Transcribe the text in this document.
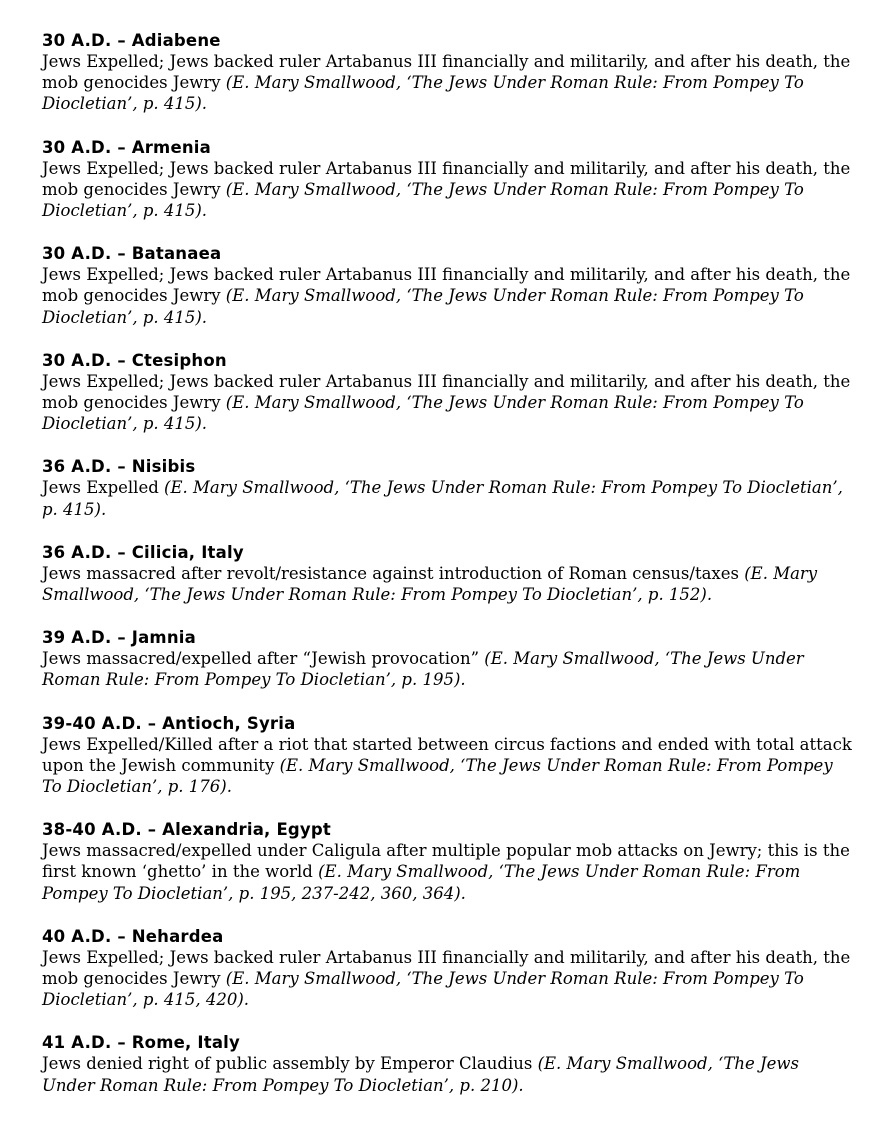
30 A.D. – Adiabene
Jews Expelled; Jews backed ruler Artabanus III financially and militarily, and after his death, the mob genocides Jewry (E. Mary Smallwood, ‘The Jews Under Roman Rule: From Pompey To Diocletian’, p. 415).
30 A.D. – Armenia
Jews Expelled; Jews backed ruler Artabanus III financially and militarily, and after his death, the mob genocides Jewry (E. Mary Smallwood, ‘The Jews Under Roman Rule: From Pompey To Diocletian’, p. 415).
30 A.D. – Batanaea
Jews Expelled; Jews backed ruler Artabanus III financially and militarily, and after his death, the mob genocides Jewry (E. Mary Smallwood, ‘The Jews Under Roman Rule: From Pompey To Diocletian’, p. 415).
30 A.D. – Ctesiphon
Jews Expelled; Jews backed ruler Artabanus III financially and militarily, and after his death, the mob genocides Jewry (E. Mary Smallwood, ‘The Jews Under Roman Rule: From Pompey To Diocletian’, p. 415).
36 A.D. – Nisibis
Jews Expelled (E. Mary Smallwood, ‘The Jews Under Roman Rule: From Pompey To Diocletian’, p. 415).
36 A.D. – Cilicia, Italy
Jews massacred after revolt/resistance against introduction of Roman census/taxes (E. Mary Smallwood, ‘The Jews Under Roman Rule: From Pompey To Diocletian’, p. 152).
39 A.D. – Jamnia
Jews massacred/expelled after “Jewish provocation” (E. Mary Smallwood, ‘The Jews Under Roman Rule: From Pompey To Diocletian’, p. 195).
39-40 A.D. – Antioch, Syria
Jews Expelled/Killed after a riot that started between circus factions and ended with total attack upon the Jewish community (E. Mary Smallwood, ‘The Jews Under Roman Rule: From Pompey To Diocletian’, p. 176).
38-40 A.D. – Alexandria, Egypt
Jews massacred/expelled under Caligula after multiple popular mob attacks on Jewry; this is the first known ‘ghetto’ in the world (E. Mary Smallwood, ‘The Jews Under Roman Rule: From Pompey To Diocletian’, p. 195, 237-242, 360, 364).
40 A.D. – Nehardea
Jews Expelled; Jews backed ruler Artabanus III financially and militarily, and after his death, the mob genocides Jewry (E. Mary Smallwood, ‘The Jews Under Roman Rule: From Pompey To Diocletian’, p. 415, 420).
41 A.D. – Rome, Italy
Jews denied right of public assembly by Emperor Claudius (E. Mary Smallwood, ‘The Jews Under Roman Rule: From Pompey To Diocletian’, p. 210).
